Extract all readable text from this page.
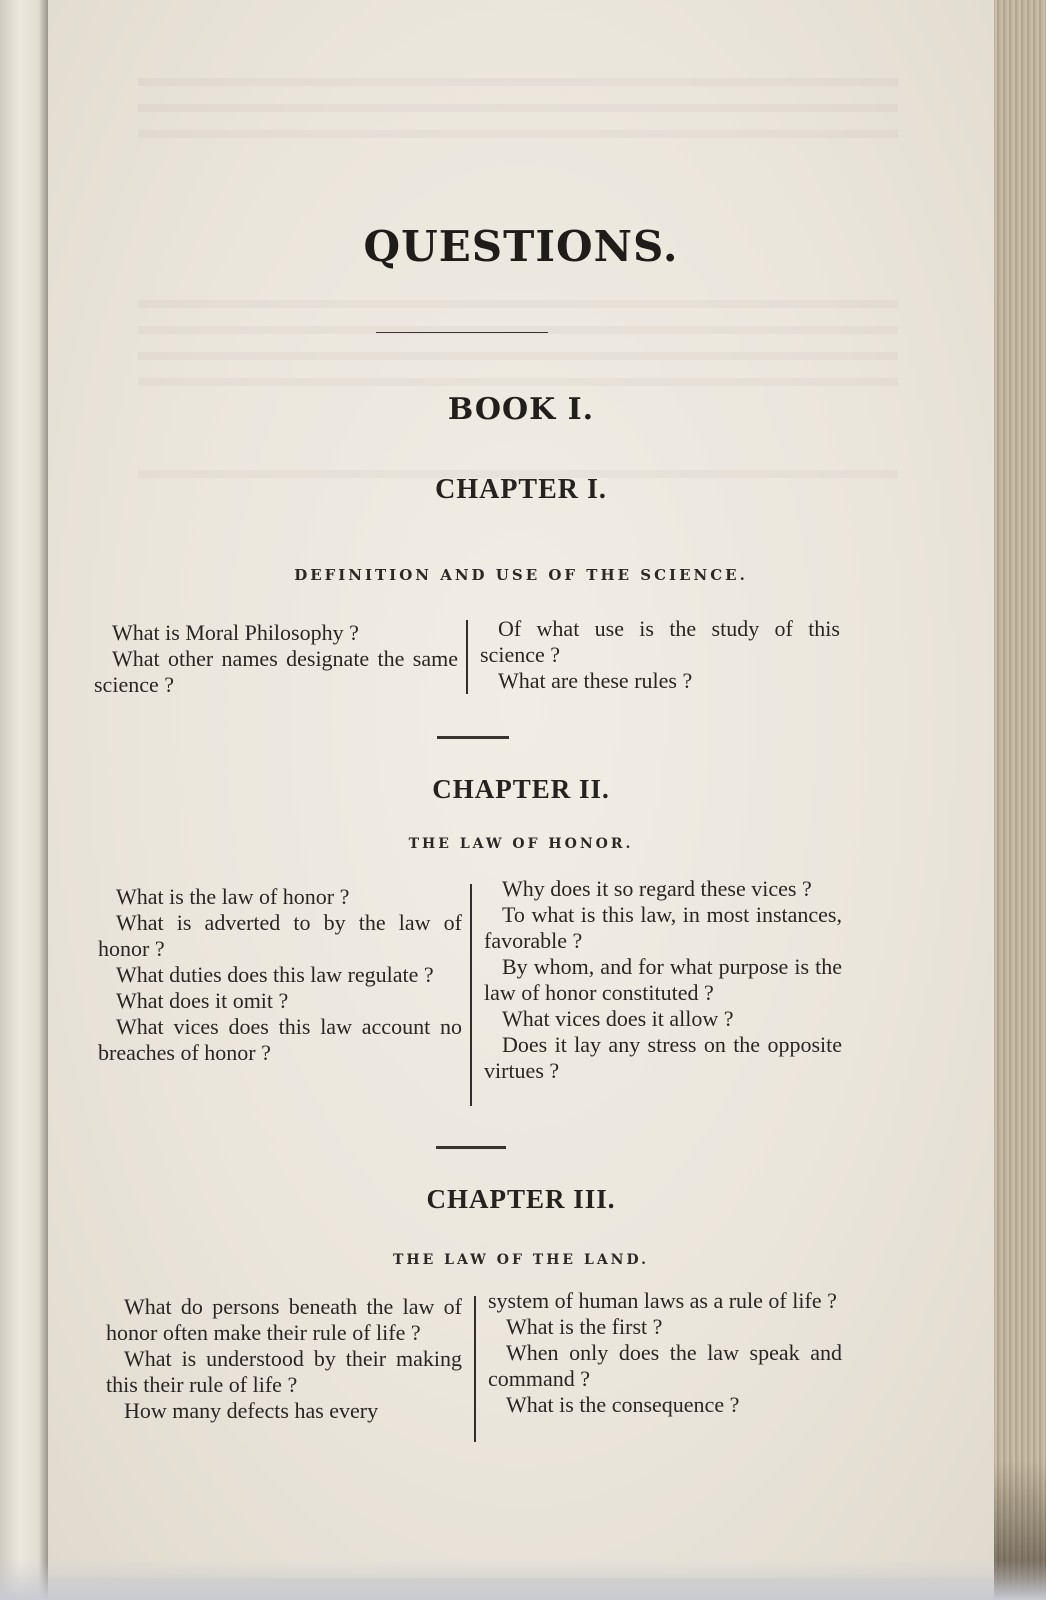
QUESTIONS.
BOOK I.
CHAPTER I.
DEFINITION AND USE OF THE SCIENCE.

What is Moral Philosophy ?

What other names designate the same science ?

Of what use is the study of this science ?

What are these rules ?

CHAPTER II.
THE LAW OF HONOR.

What is the law of honor ?

What is adverted to by the law of honor ?

What duties does this law regulate ?

What does it omit ?

What vices does this law account no breaches of honor ?

Why does it so regard these vices ?

To what is this law, in most instances, favorable ?

By whom, and for what purpose is the law of honor constituted ?

What vices does it allow ?

Does it lay any stress on the opposite virtues ?

CHAPTER III.
THE LAW OF THE LAND.

What do persons beneath the law of honor often make their rule of life ?

What is understood by their making this their rule of life ?

How many defects has every

system of human laws as a rule of life ?

What is the first ?

When only does the law speak and command ?

What is the consequence ?
